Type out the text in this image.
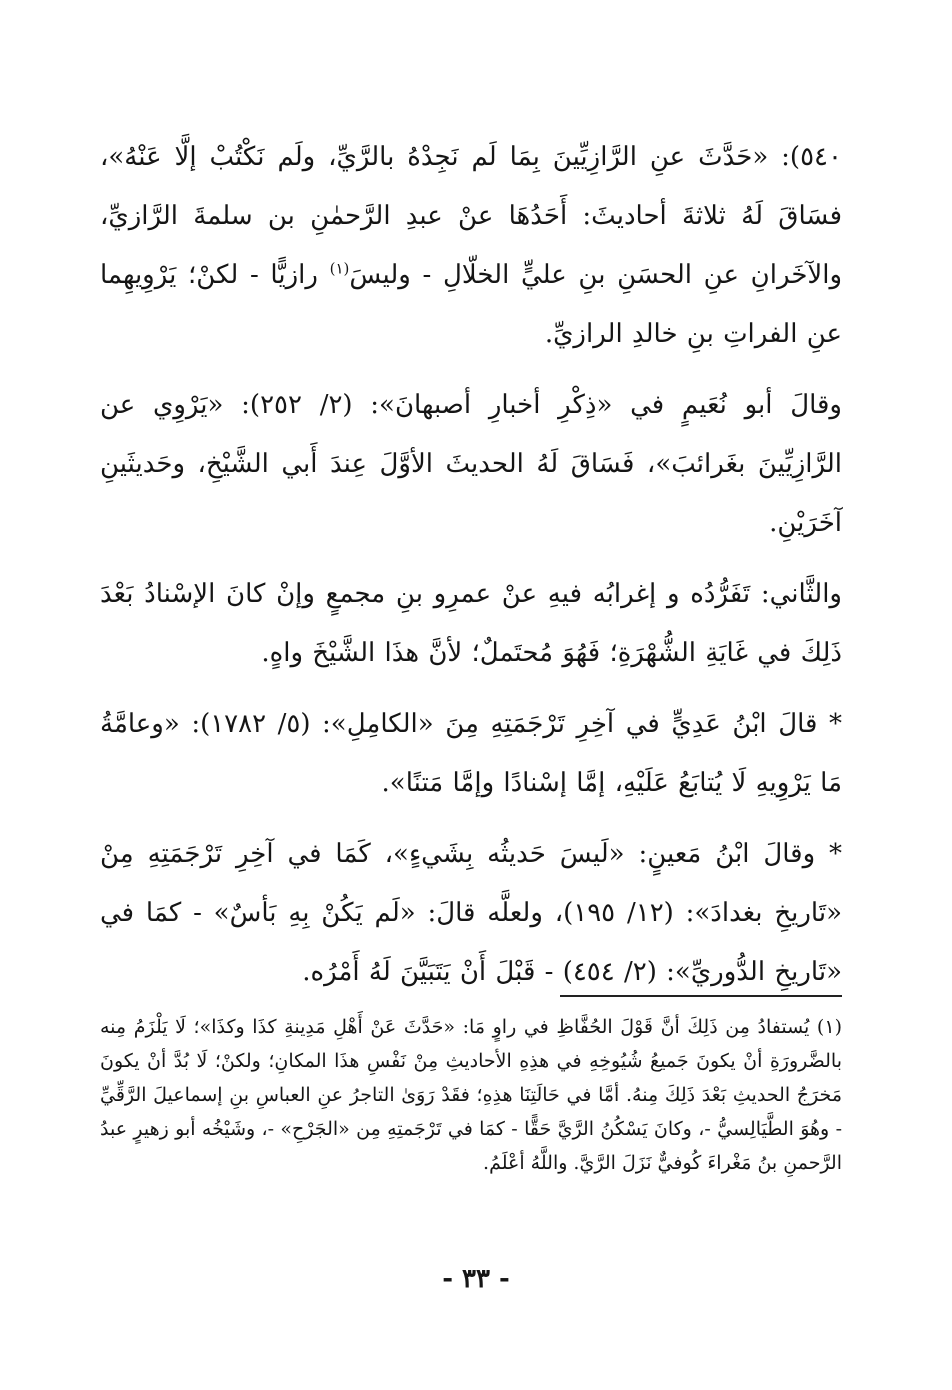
٥٤٠): «حَدَّثَ عنِ الرَّازِيِّينَ بِمَا لَم نَجِدْهُ بالرَّيِّ، ولَم نَكْتُبْ إلَّا عَنْهُ»، فسَاقَ لَهُ ثلاثةَ أحاديثَ: أَحَدُهَا عنْ عبدِ الرَّحمٰنِ بن سلمةَ الرَّازيِّ، والآخَرانِ عنِ الحسَنِ بنِ عليٍّ الخلّالِ - وليسَ$^{(١)}$ رازيًّا - لكنْ؛ يَرْوِيهِما عنِ الفراتِ بنِ خالدِ الرازيِّ.

وقالَ أبو نُعَيمٍ في «ذِكْرِ أخبارِ أصبهانَ»: (٢/ ٢٥٢): «يَرْوِي عن الرَّازِيِّينَ بغَرائبَ»، فَسَاقَ لَهُ الحديثَ الأوَّلَ عِندَ أَبي الشَّيْخِ، وحَديثَينِ آخَرَيْنِ.

والثَّاني: تَفَرُّدُه و إغرابُه فيهِ عنْ عمرِو بنِ مجمعٍ وإنْ كانَ الإسْنادُ بَعْدَ ذَلِكَ في غَايَةِ الشُّهْرَةِ؛ فَهُوَ مُحتَملٌ؛ لأنَّ هذَا الشَّيْخَ واهٍ.

* قالَ ابْنُ عَدِيٍّ في آخِرِ تَرْجَمَتِهِ مِنَ «الكامِلِ»: (٥/ ١٧٨٢): «وعامَّةُ مَا يَرْوِيهِ لَا يُتابَعُ عَلَيْهِ، إمَّا إسْنادًا وإمَّا مَتنًا».

* وقالَ ابْنُ مَعينٍ: «لَيسَ حَديثُه بِشَيءٍ»، كَمَا في آخِرِ تَرْجَمَتِهِ مِنْ «تَاريخِ بغدادَ»: (١٢/ ١٩٥)، ولعلَّه قالَ: «لَم يَكُنْ بِهِ بَأسٌ» - كمَا في «تَاريخِ الدُّوريِّ»: (٢/ ٤٥٤) - قَبْلَ أَنْ يَتَبَيَّنَ لَهُ أَمْرُه.

(١) يُستفادُ مِن ذَلِكَ أنَّ قَوْلَ الحُفَّاظِ في راوٍ مَا: «حَدَّثَ عَنْ أَهْلِ مَدِينةِ كذَا وكذَا»؛ لَا يَلْزَمُ مِنه بالضَّرورَةِ أنْ يكونَ جَميعُ شُيُوخِهِ في هذِهِ الأحاديثِ مِنْ نَفْسِ هذَا المكانِ؛ ولكنْ؛ لَا بُدَّ أنْ يكونَ مَخرَجُ الحديثِ بَعْدَ ذَلِكَ مِنهُ. أمَّا في حَالَتِنَا هذِهِ؛ فقَدْ رَوَىٰ التاجرُ عنِ العباسِ بنِ إسماعيلَ الرَّقِّيِّ - وهُوَ الطَّيَالِسيُّ -، وكانَ يَسْكُنُ الرَّيَّ حَقًّا - كمَا في تَرْجَمتِهِ مِن «الجَرْحِ» -، وشَيْخُه أبو زهيرٍ عبدُ الرَّحمنِ بنُ مَغْراءَ كُوفيٌّ نَزَلَ الرَّيَّ. واللَّهُ أعْلَمُ.

- ٣٣ -
